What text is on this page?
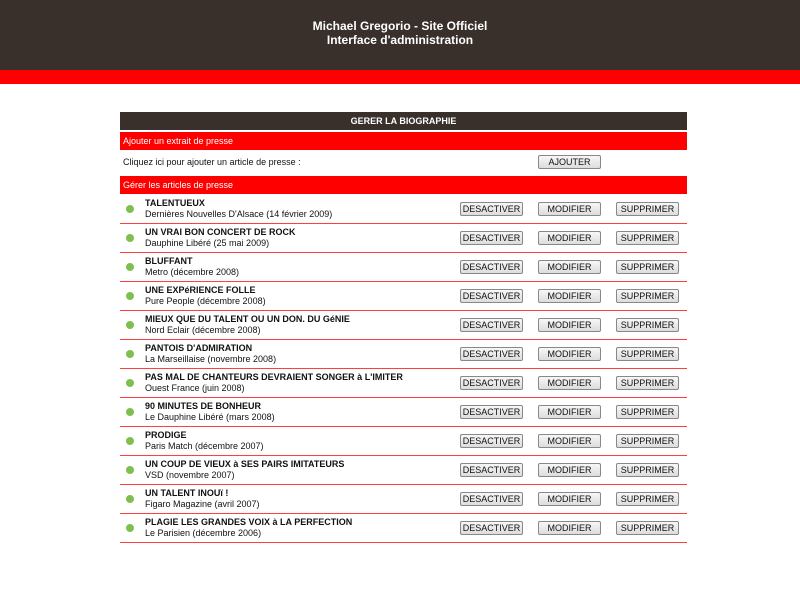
Michael Gregorio - Site Officiel
Interface d'administration
GERER LA BIOGRAPHIE
Ajouter un extrait de presse
Cliquez ici pour ajouter un article de presse :	AJOUTER
Gérer les articles de presse
TALENTUEUX
Dernières Nouvelles D'Alsace (14 février 2009)	DESACTIVER	MODIFIER	SUPPRIMER
UN VRAI BON CONCERT DE ROCK
Dauphine Libéré (25 mai 2009)	DESACTIVER	MODIFIER	SUPPRIMER
BLUFFANT
Metro (décembre 2008)	DESACTIVER	MODIFIER	SUPPRIMER
UNE EXPéRIENCE FOLLE
Pure People (décembre 2008)	DESACTIVER	MODIFIER	SUPPRIMER
MIEUX QUE DU TALENT OU UN DON. DU GéNIE
Nord Eclair (décembre 2008)	DESACTIVER	MODIFIER	SUPPRIMER
PANTOIS D'ADMIRATION
La Marseillaise (novembre 2008)	DESACTIVER	MODIFIER	SUPPRIMER
PAS MAL DE CHANTEURS DEVRAIENT SONGER à L'IMITER
Ouest France (juin 2008)	DESACTIVER	MODIFIER	SUPPRIMER
90 MINUTES DE BONHEUR
Le Dauphine Libéré (mars 2008)	DESACTIVER	MODIFIER	SUPPRIMER
PRODIGE
Paris Match (décembre 2007)	DESACTIVER	MODIFIER	SUPPRIMER
UN COUP DE VIEUX à SES PAIRS IMITATEURS
VSD (novembre 2007)	DESACTIVER	MODIFIER	SUPPRIMER
UN TALENT INOUï !
Figaro Magazine (avril 2007)	DESACTIVER	MODIFIER	SUPPRIMER
PLAGIE LES GRANDES VOIX à LA PERFECTION
Le Parisien (décembre 2006)	DESACTIVER	MODIFIER	SUPPRIMER
